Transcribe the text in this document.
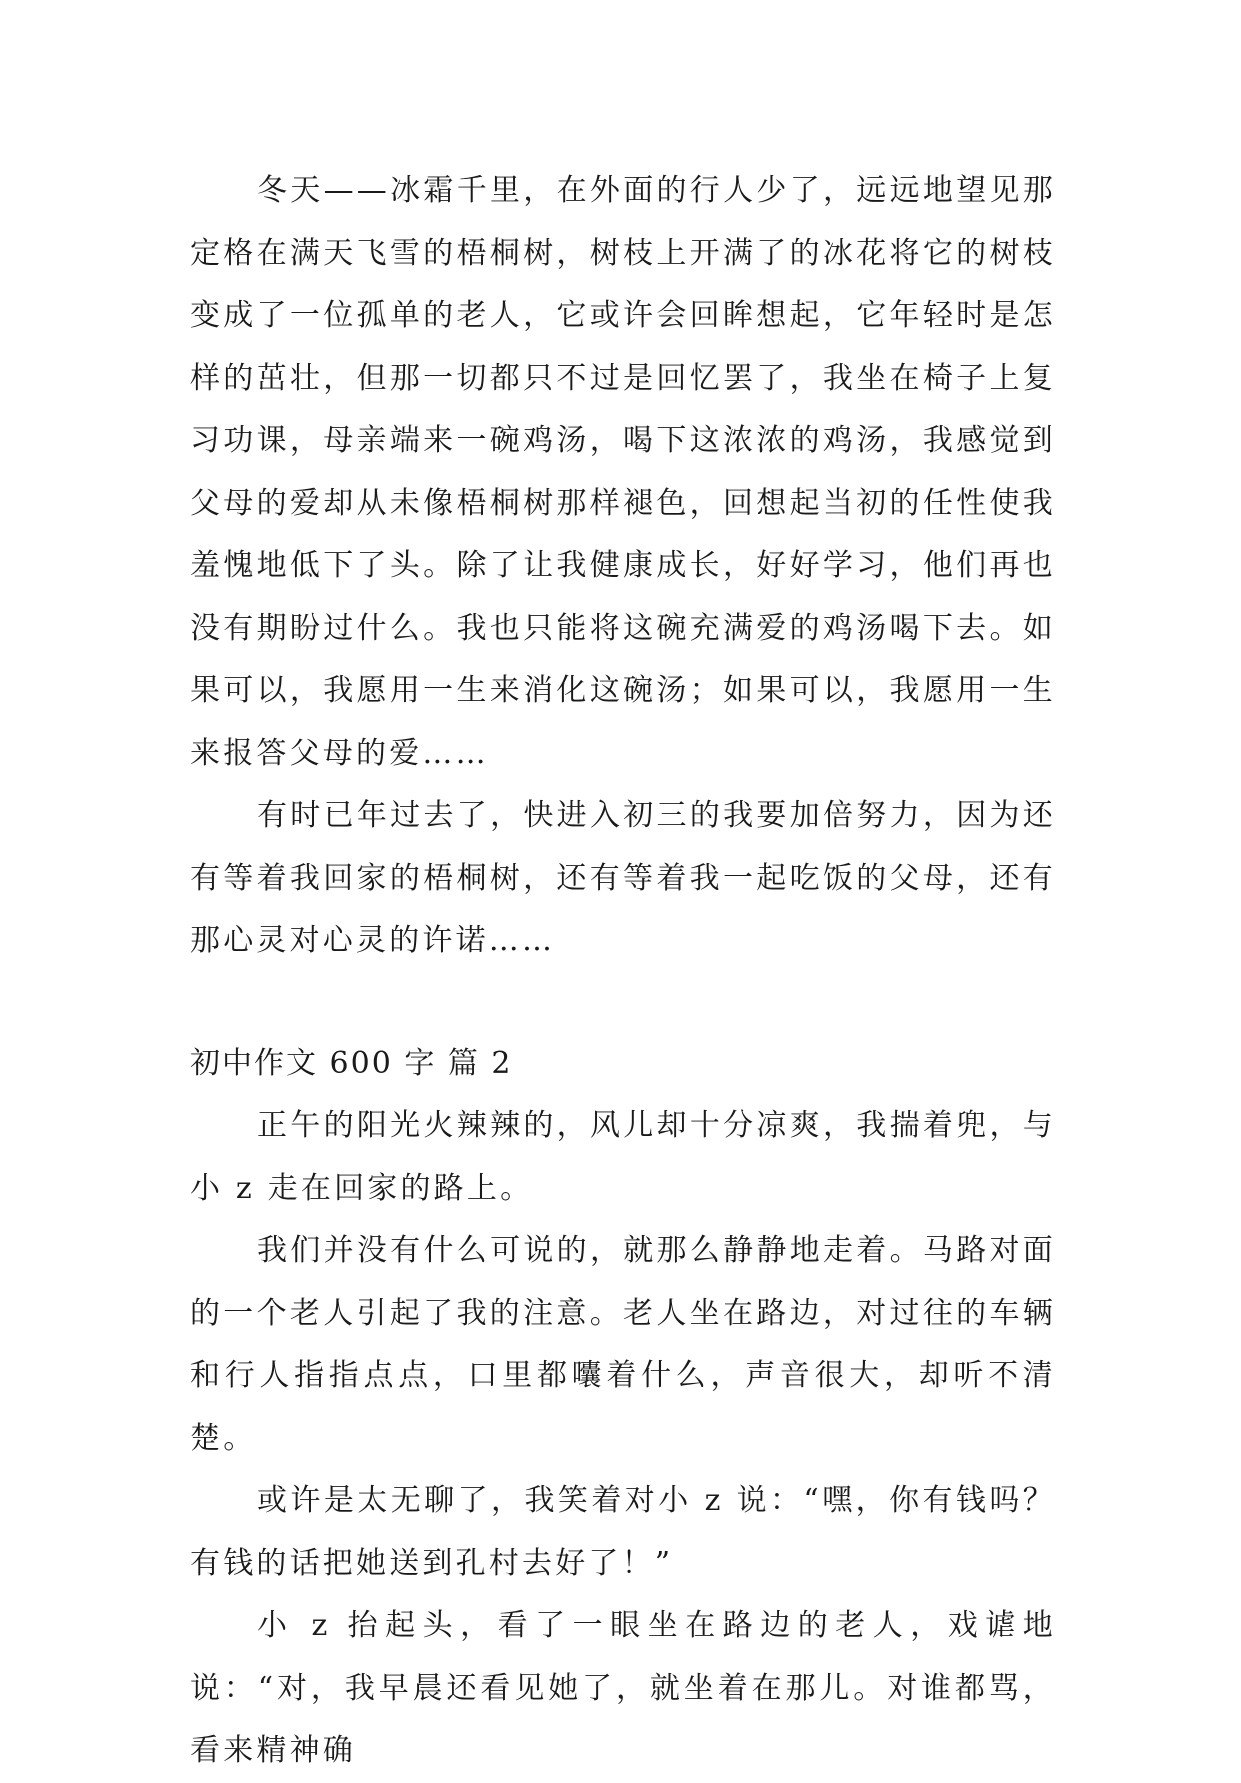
冬天——冰霜千里，在外面的行人少了，远远地望见那定格在满天飞雪的梧桐树，树枝上开满了的冰花将它的树枝变成了一位孤单的老人，它或许会回眸想起，它年轻时是怎样的茁壮，但那一切都只不过是回忆罢了，我坐在椅子上复习功课，母亲端来一碗鸡汤，喝下这浓浓的鸡汤，我感觉到父母的爱却从未像梧桐树那样褪色，回想起当初的任性使我羞愧地低下了头。除了让我健康成长，好好学习，他们再也没有期盼过什么。我也只能将这碗充满爱的鸡汤喝下去。如果可以，我愿用一生来消化这碗汤；如果可以，我愿用一生来报答父母的爱……

有时已年过去了，快进入初三的我要加倍努力，因为还有等着我回家的梧桐树，还有等着我一起吃饭的父母，还有那心灵对心灵的许诺……

初中作文 600 字 篇 2

正午的阳光火辣辣的，风儿却十分凉爽，我揣着兜，与小 z 走在回家的路上。

我们并没有什么可说的，就那么静静地走着。马路对面的一个老人引起了我的注意。老人坐在路边，对过往的车辆和行人指指点点，口里都囔着什么，声音很大，却听不清楚。

或许是太无聊了，我笑着对小 z 说：“嘿，你有钱吗？有钱的话把她送到孔村去好了！”

小 z 抬起头，看了一眼坐在路边的老人，戏谑地说：“对，我早晨还看见她了，就坐着在那儿。对谁都骂，看来精神确
